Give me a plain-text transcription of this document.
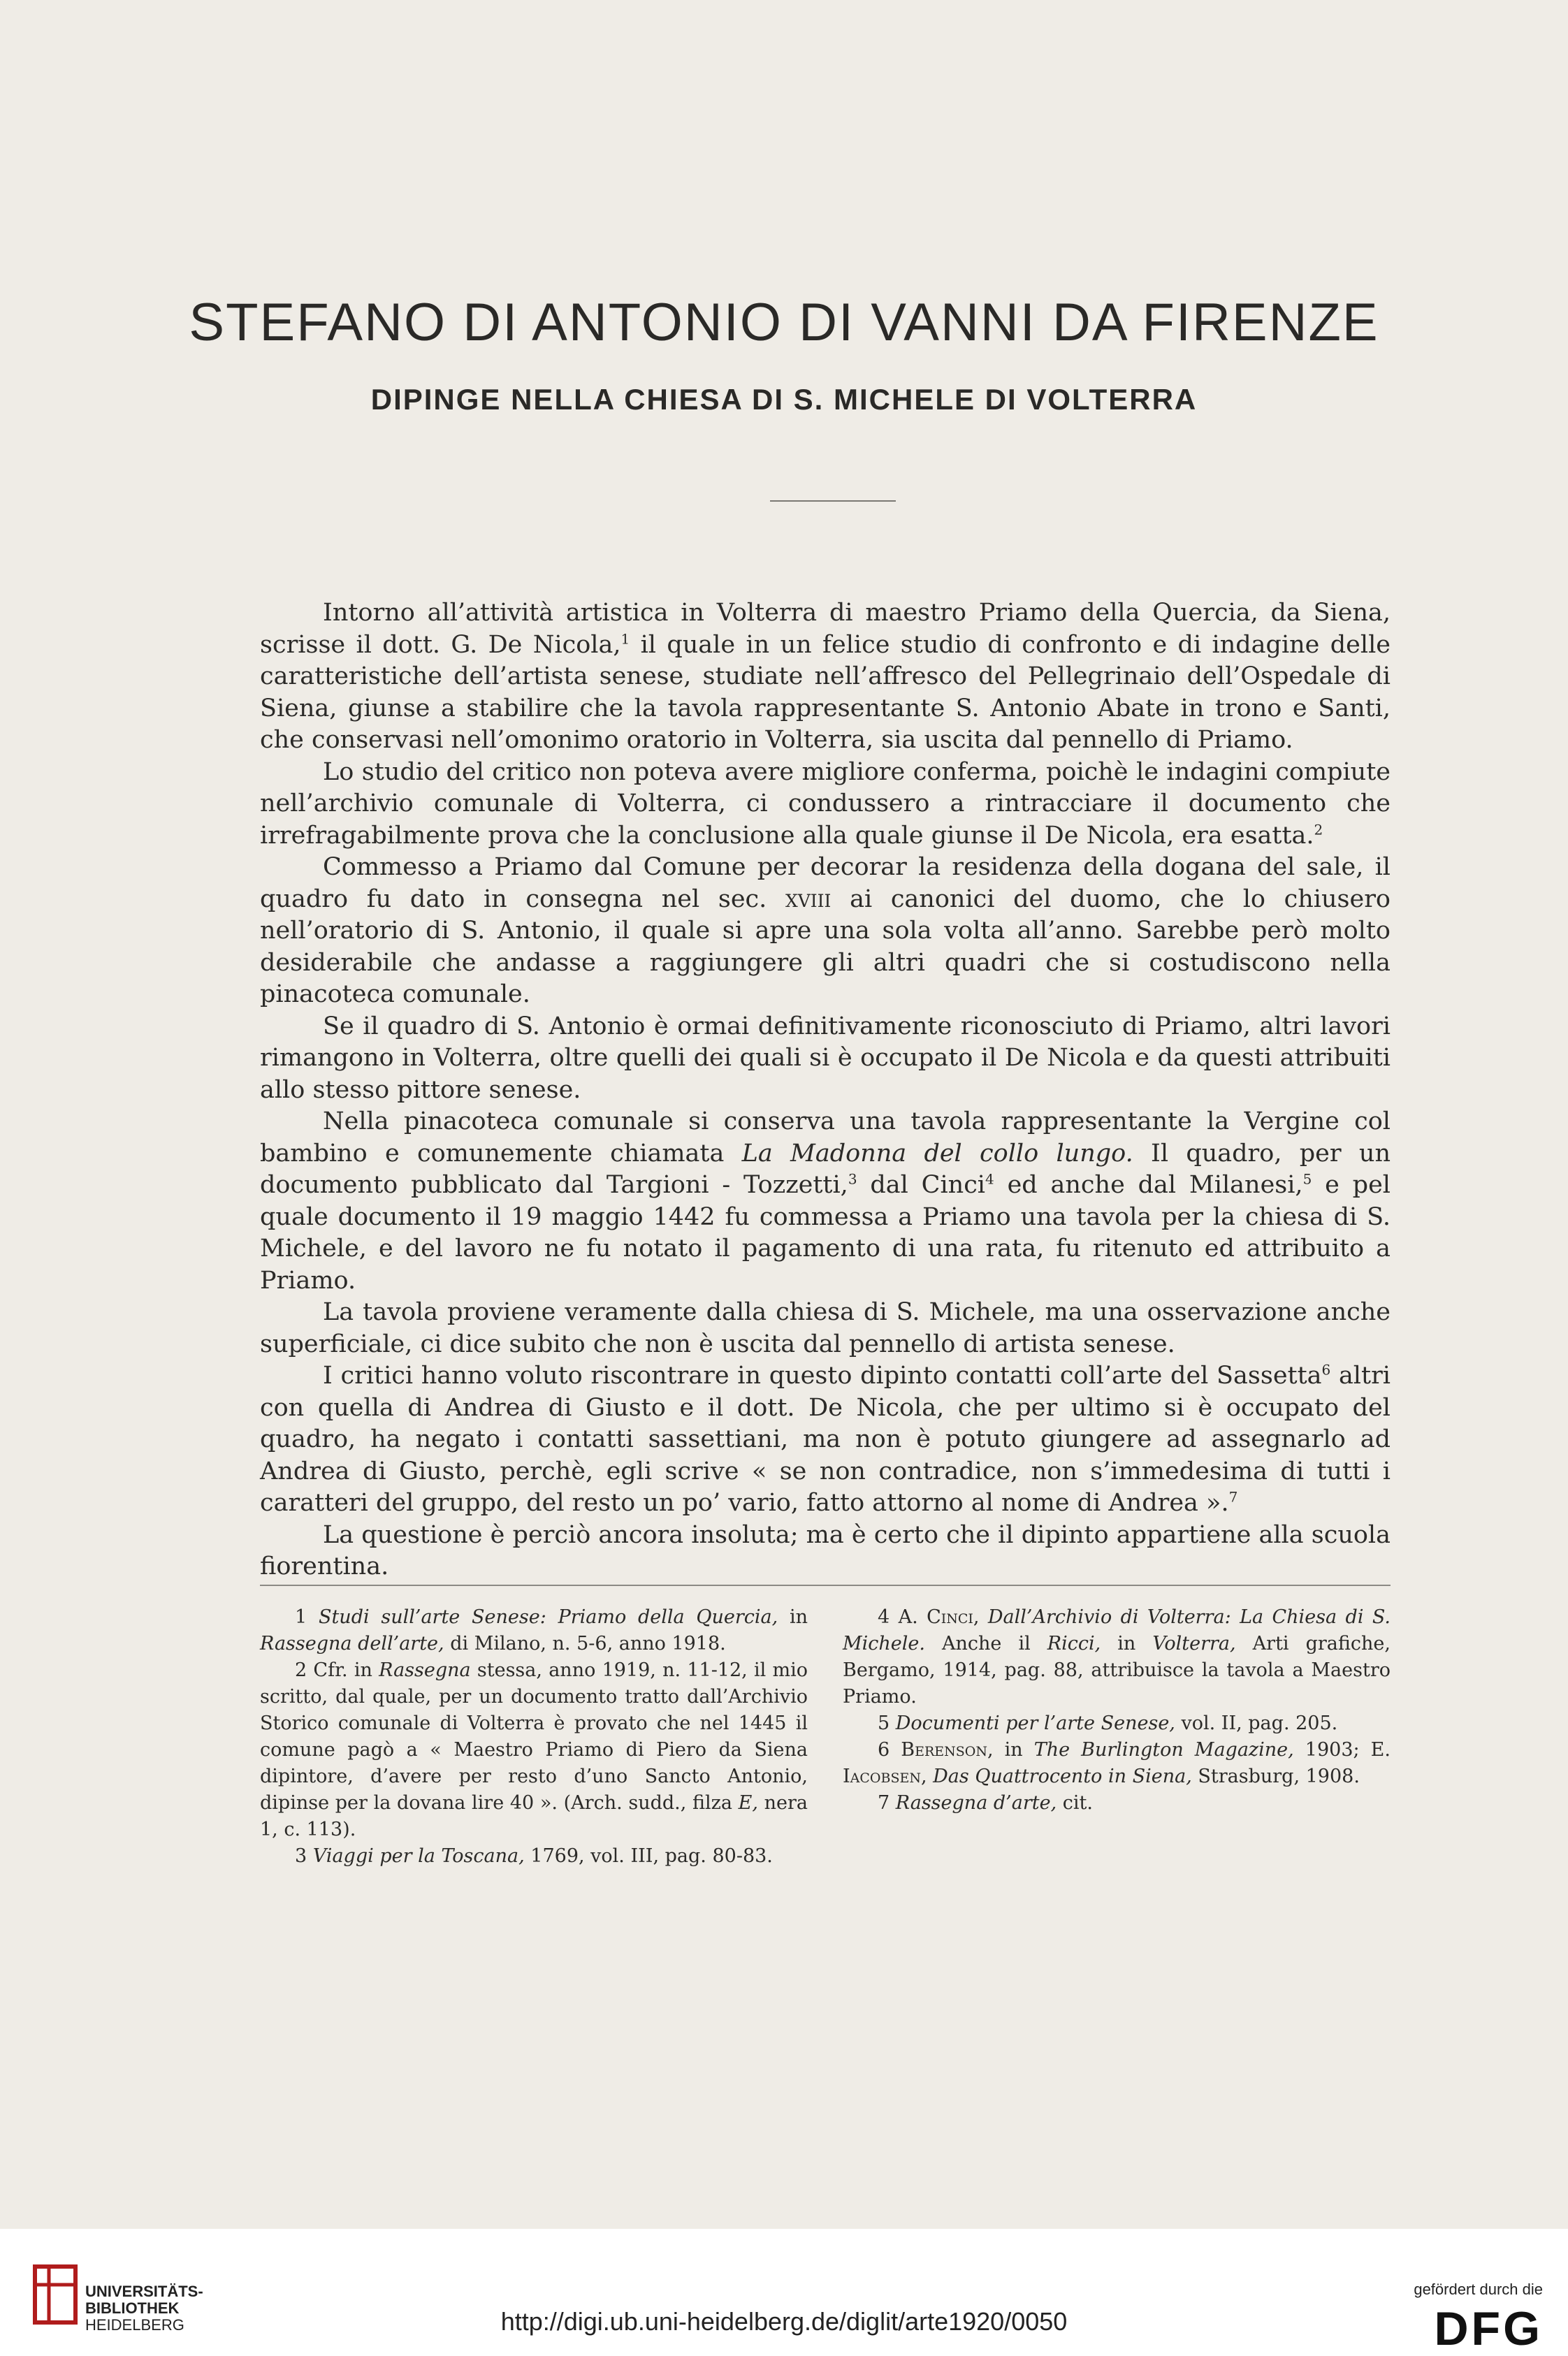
STEFANO DI ANTONIO DI VANNI DA FIRENZE
DIPINGE NELLA CHIESA DI S. MICHELE DI VOLTERRA

Intorno all’attività artistica in Volterra di maestro Priamo della Quercia, da Siena, scrisse il dott. G. De Nicola,$^1$ il quale in un felice studio di confronto e di indagine delle caratteristiche dell’artista senese, studiate nell’affresco del Pellegrinaio dell’Ospedale di Siena, giunse a stabilire che la tavola rappresentante S. Antonio Abate in trono e Santi, che conservasi nell’omonimo oratorio in Volterra, sia uscita dal pennello di Priamo.

Lo studio del critico non poteva avere migliore conferma, poichè le indagini compiute nell’archivio comunale di Volterra, ci condussero a rintracciare il documento che irrefragabilmente prova che la conclusione alla quale giunse il De Nicola, era esatta.$^2$

Commesso a Priamo dal Comune per decorar la residenza della dogana del sale, il quadro fu dato in consegna nel sec. xviii ai canonici del duomo, che lo chiusero nell’oratorio di S. Antonio, il quale si apre una sola volta all’anno. Sarebbe però molto desiderabile che andasse a raggiungere gli altri quadri che si costudiscono nella pinacoteca comunale.

Se il quadro di S. Antonio è ormai definitivamente riconosciuto di Priamo, altri lavori rimangono in Volterra, oltre quelli dei quali si è occupato il De Nicola e da questi attribuiti allo stesso pittore senese.

Nella pinacoteca comunale si conserva una tavola rappresentante la Vergine col bambino e comunemente chiamata La Madonna del collo lungo. Il quadro, per un documento pubblicato dal Targioni - Tozzetti,$^3$ dal Cinci$^4$ ed anche dal Milanesi,$^5$ e pel quale documento il 19 maggio 1442 fu commessa a Priamo una tavola per la chiesa di S. Michele, e del lavoro ne fu notato il pagamento di una rata, fu ritenuto ed attribuito a Priamo.

La tavola proviene veramente dalla chiesa di S. Michele, ma una osservazione anche superficiale, ci dice subito che non è uscita dal pennello di artista senese.

I critici hanno voluto riscontrare in questo dipinto contatti coll’arte del Sassetta$^6$ altri con quella di Andrea di Giusto e il dott. De Nicola, che per ultimo si è occupato del quadro, ha negato i contatti sassettiani, ma non è potuto giungere ad assegnarlo ad Andrea di Giusto, perchè, egli scrive « se non contradice, non s’immedesima di tutti i caratteri del gruppo, del resto un po’ vario, fatto attorno al nome di Andrea ».$^7$

La questione è perciò ancora insoluta; ma è certo che il dipinto appartiene alla scuola fiorentina.

1 Studi sull’arte Senese: Priamo della Quercia, in Rassegna dell’arte, di Milano, n. 5-6, anno 1918.

2 Cfr. in Rassegna stessa, anno 1919, n. 11-12, il mio scritto, dal quale, per un documento tratto dall’Archivio Storico comunale di Volterra è provato che nel 1445 il comune pagò a « Maestro Priamo di Piero da Siena dipintore, d’avere per resto d’uno Sancto Antonio, dipinse per la dovana lire 40 ». (Arch. sudd., filza E, nera 1, c. 113).

3 Viaggi per la Toscana, 1769, vol. III, pag. 80-83.

4 A. Cinci, Dall’Archivio di Volterra: La Chiesa di S. Michele. Anche il Ricci, in Volterra, Arti grafiche, Bergamo, 1914, pag. 88, attribuisce la tavola a Maestro Priamo.

5 Documenti per l’arte Senese, vol. II, pag. 205.

6 Berenson, in The Burlington Magazine, 1903; E. Iacobsen, Das Quattrocento in Siena, Strasburg, 1908.

7 Rassegna d’arte, cit.

UNIVERSITÄTS-
BIBLIOTHEK
HEIDELBERG	http://digi.ub.uni-heidelberg.de/diglit/arte1920/0050
gefördert durch die
DFG
